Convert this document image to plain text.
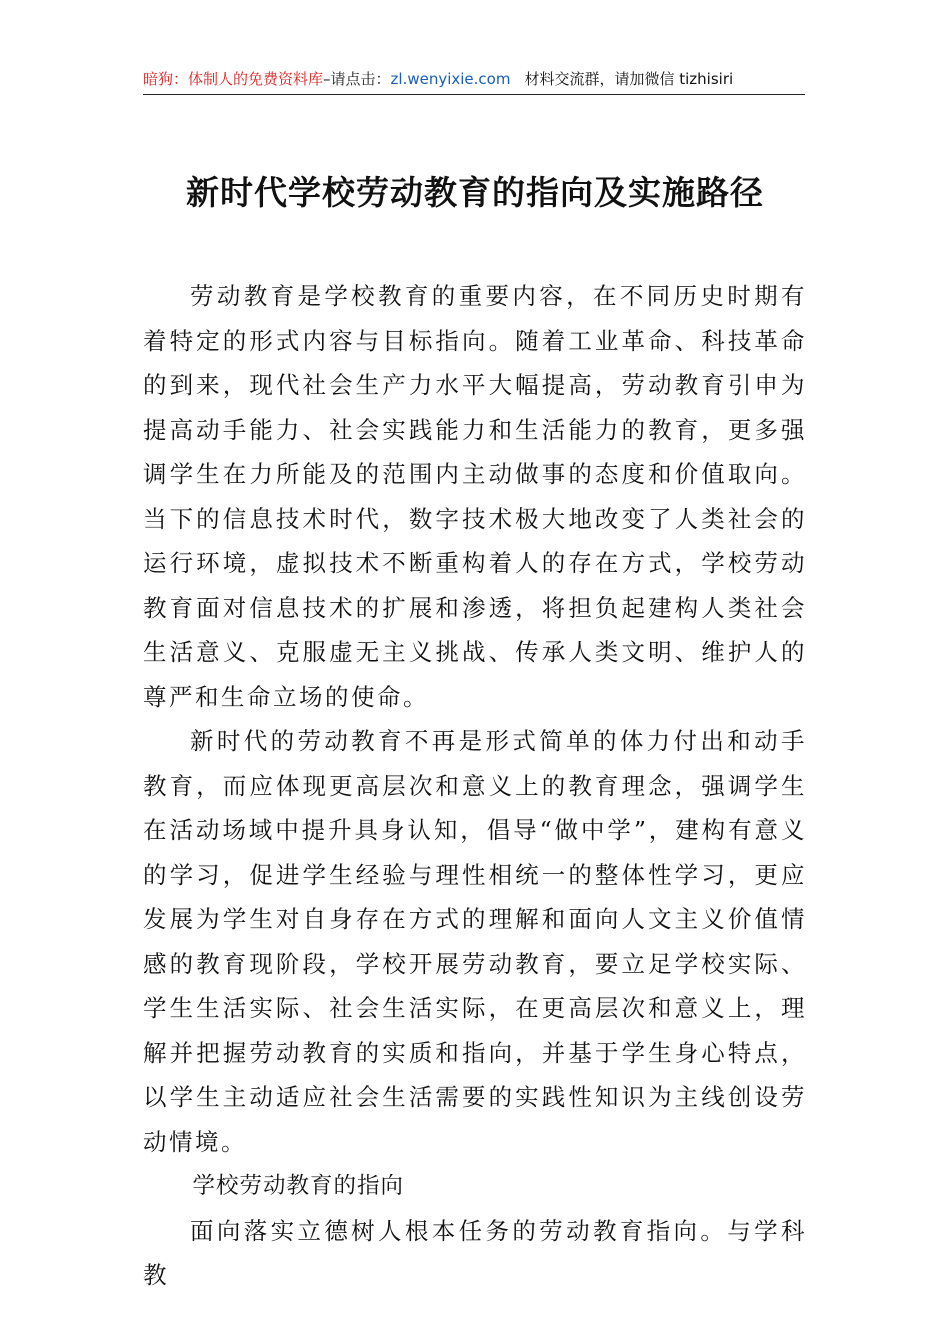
暗狗：体制人的免费资料库–请点击：zl.wenyixie.com 材料交流群，请加微信 tizhisiri
新时代学校劳动教育的指向及实施路径

劳动教育是学校教育的重要内容，在不同历史时期有着特定的形式内容与目标指向。随着工业革命、科技革命的到来，现代社会生产力水平大幅提高，劳动教育引申为提高动手能力、社会实践能力和生活能力的教育，更多强调学生在力所能及的范围内主动做事的态度和价值取向。当下的信息技术时代，数字技术极大地改变了人类社会的运行环境，虚拟技术不断重构着人的存在方式，学校劳动教育面对信息技术的扩展和渗透，将担负起建构人类社会生活意义、克服虚无主义挑战、传承人类文明、维护人的尊严和生命立场的使命。

新时代的劳动教育不再是形式简单的体力付出和动手教育，而应体现更高层次和意义上的教育理念，强调学生在活动场域中提升具身认知，倡导“做中学”，建构有意义的学习，促进学生经验与理性相统一的整体性学习，更应发展为学生对自身存在方式的理解和面向人文主义价值情感的教育现阶段，学校开展劳动教育，要立足学校实际、学生生活实际、社会生活实际，在更高层次和意义上，理解并把握劳动教育的实质和指向，并基于学生身心特点，以学生主动适应社会生活需要的实践性知识为主线创设劳动情境。

学校劳动教育的指向

面向落实立德树人根本任务的劳动教育指向。与学科教
